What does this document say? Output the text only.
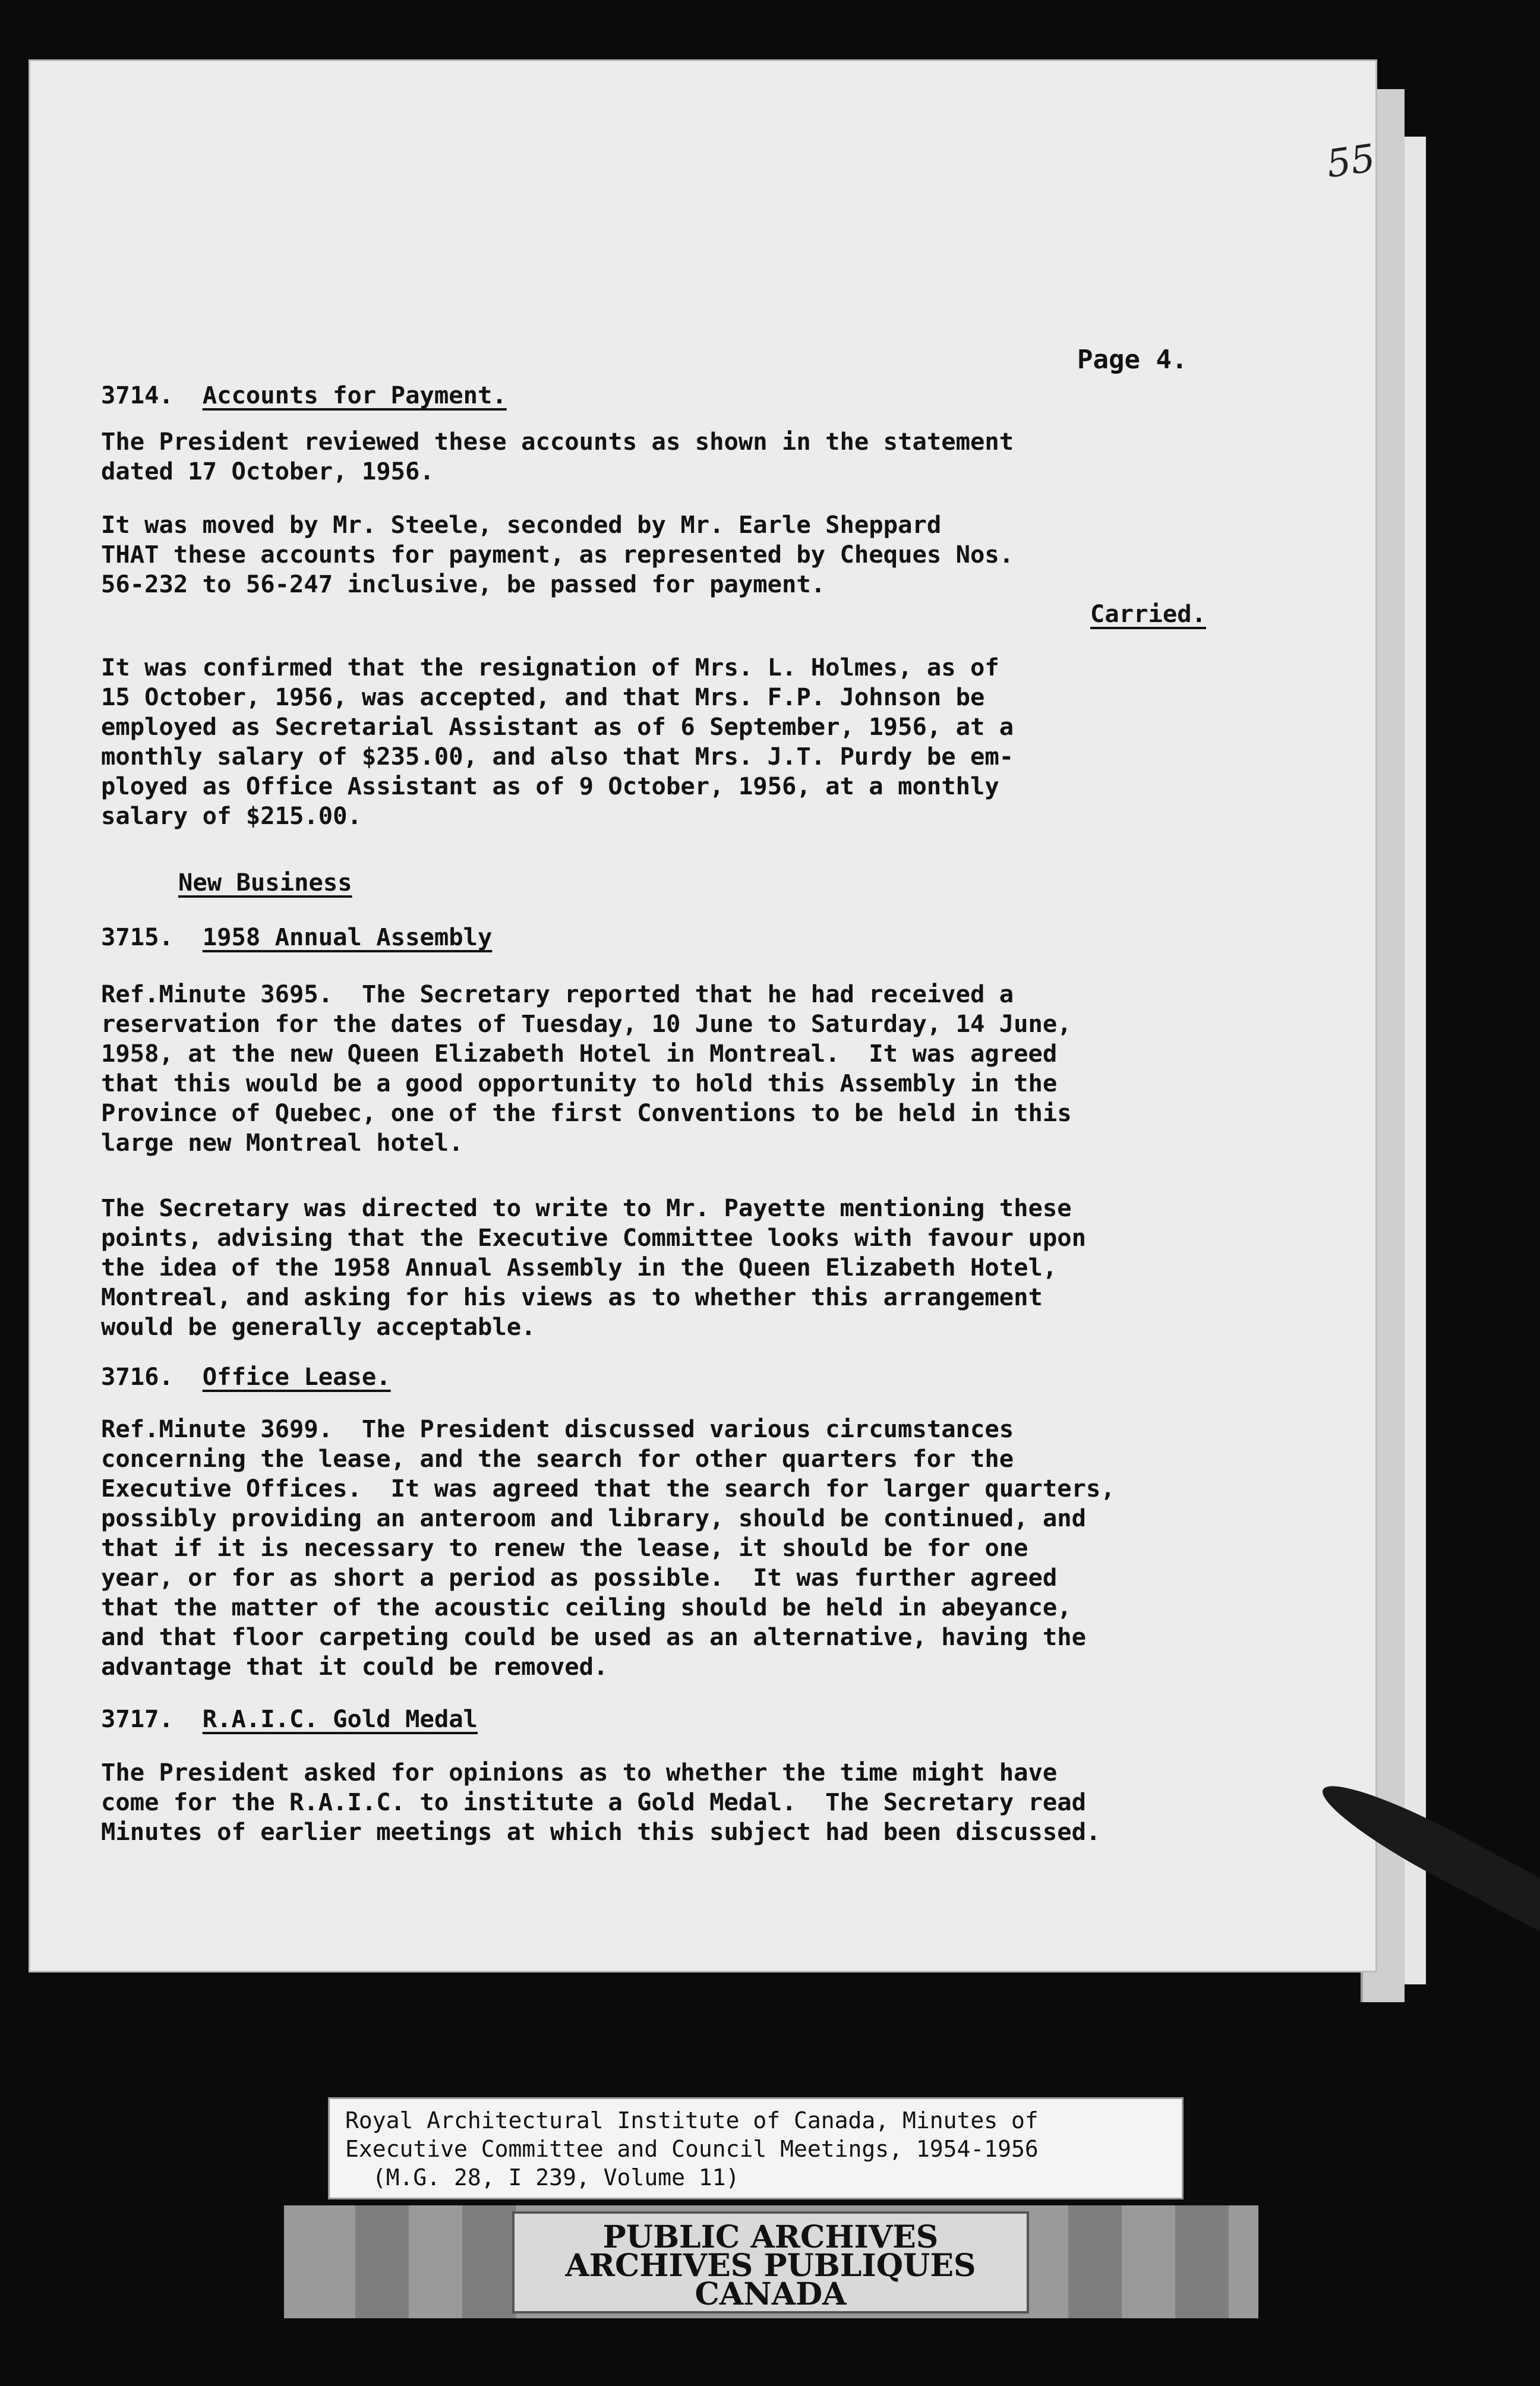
55
Page 4.
3714. Accounts for Payment.
The President reviewed these accounts as shown in the statement
dated 17 October, 1956.
It was moved by Mr. Steele, seconded by Mr. Earle Sheppard
THAT these accounts for payment, as represented by Cheques Nos.
56-232 to 56-247 inclusive, be passed for payment.
Carried.
It was confirmed that the resignation of Mrs. L. Holmes, as of
15 October, 1956, was accepted, and that Mrs. F.P. Johnson be
employed as Secretarial Assistant as of 6 September, 1956, at a
monthly salary of $235.00, and also that Mrs. J.T. Purdy be em-
ployed as Office Assistant as of 9 October, 1956, at a monthly
salary of $215.00.
New Business
3715. 1958 Annual Assembly
Ref.Minute 3695.  The Secretary reported that he had received a
reservation for the dates of Tuesday, 10 June to Saturday, 14 June,
1958, at the new Queen Elizabeth Hotel in Montreal.  It was agreed
that this would be a good opportunity to hold this Assembly in the
Province of Quebec, one of the first Conventions to be held in this
large new Montreal hotel.
The Secretary was directed to write to Mr. Payette mentioning these
points, advising that the Executive Committee looks with favour upon
the idea of the 1958 Annual Assembly in the Queen Elizabeth Hotel,
Montreal, and asking for his views as to whether this arrangement
would be generally acceptable.
3716. Office Lease.
Ref.Minute 3699.  The President discussed various circumstances
concerning the lease, and the search for other quarters for the
Executive Offices.  It was agreed that the search for larger quarters,
possibly providing an anteroom and library, should be continued, and
that if it is necessary to renew the lease, it should be for one
year, or for as short a period as possible.  It was further agreed
that the matter of the acoustic ceiling should be held in abeyance,
and that floor carpeting could be used as an alternative, having the
advantage that it could be removed.
3717. R.A.I.C. Gold Medal
The President asked for opinions as to whether the time might have
come for the R.A.I.C. to institute a Gold Medal.  The Secretary read
Minutes of earlier meetings at which this subject had been discussed.
Royal Architectural Institute of Canada, Minutes of
Executive Committee and Council Meetings, 1954-1956
(M.G. 28, I 239, Volume 11)
PUBLIC ARCHIVES
ARCHIVES PUBLIQUES
CANADA
